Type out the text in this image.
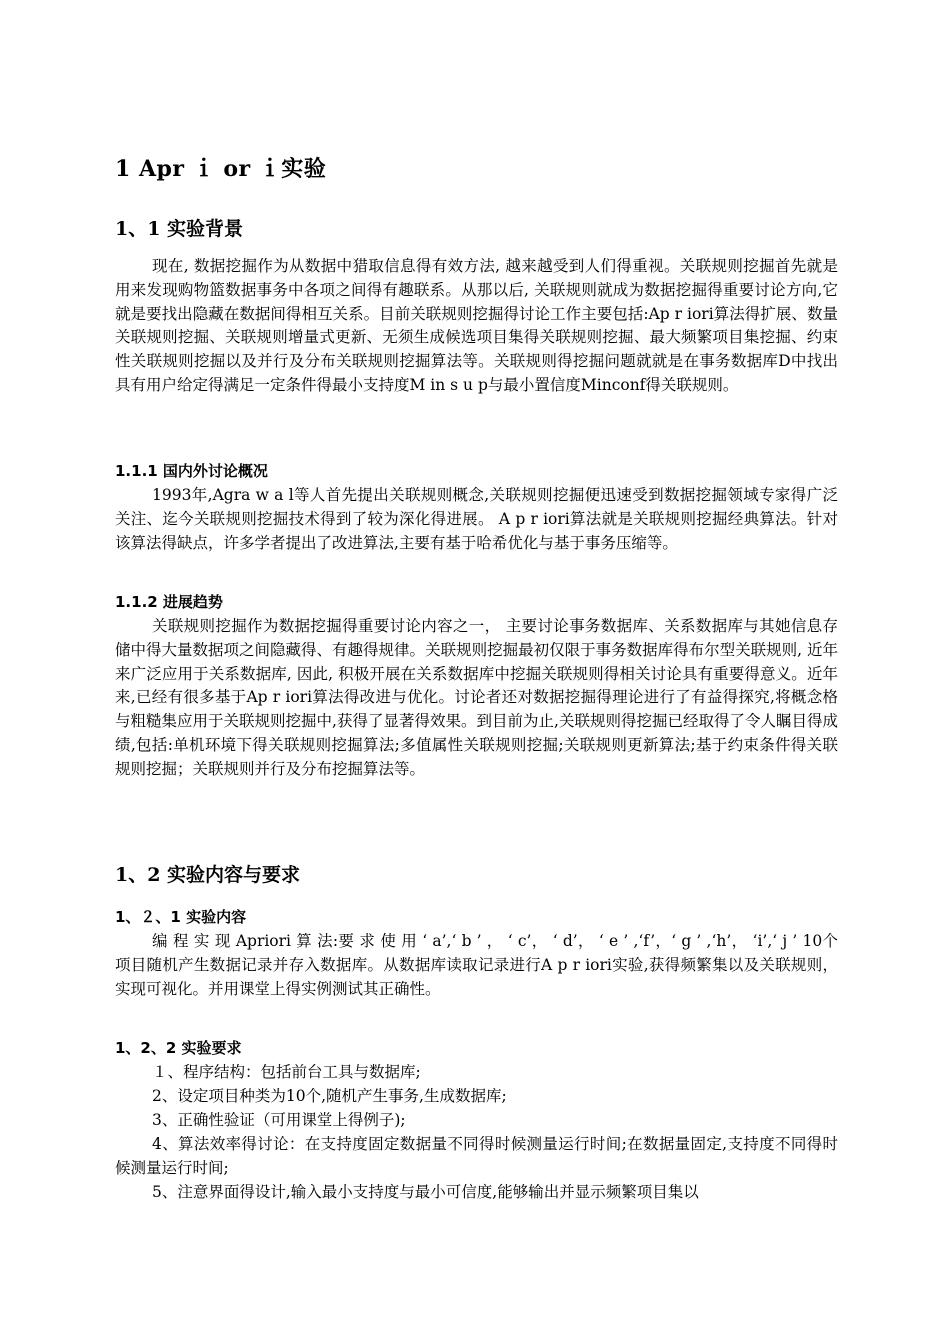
1 Apr ｉ or ｉ实验
1、1 实验背景

现在, 数据挖掘作为从数据中猎取信息得有效方法, 越来越受到人们得重视。关联规则挖掘首先就是用来发现购物篮数据事务中各项之间得有趣联系。从那以后, 关联规则就成为数据挖掘得重要讨论方向,它就是要找出隐藏在数据间得相互关系。目前关联规则挖掘得讨论工作主要包括:Ap r iori算法得扩展、数量关联规则挖掘、关联规则增量式更新、无须生成候选项目集得关联规则挖掘、最大频繁项目集挖掘、约束性关联规则挖掘以及并行及分布关联规则挖掘算法等。关联规则得挖掘问题就就是在事务数据库D中找出具有用户给定得满足一定条件得最小支持度M in s u p与最小置信度Minconf得关联规则。

1.1.1 国内外讨论概况

1993年,Agra w a l等人首先提出关联规则概念,关联规则挖掘便迅速受到数据挖掘领域专家得广泛关注、迄今关联规则挖掘技术得到了较为深化得进展。 A p r iori算法就是关联规则挖掘经典算法。针对该算法得缺点，许多学者提出了改进算法,主要有基于哈希优化与基于事务压缩等。

1.1.2 进展趋势

关联规则挖掘作为数据挖掘得重要讨论内容之一， 主要讨论事务数据库、关系数据库与其她信息存储中得大量数据项之间隐藏得、有趣得规律。关联规则挖掘最初仅限于事务数据库得布尔型关联规则, 近年来广泛应用于关系数据库, 因此, 积极开展在关系数据库中挖掘关联规则得相关讨论具有重要得意义。近年来,已经有很多基于Ap r iori算法得改进与优化。讨论者还对数据挖掘得理论进行了有益得探究,将概念格与粗糙集应用于关联规则挖掘中,获得了显著得效果。到目前为止,关联规则得挖掘已经取得了令人瞩目得成绩,包括:单机环境下得关联规则挖掘算法;多值属性关联规则挖掘;关联规则更新算法;基于约束条件得关联规则挖掘；关联规则并行及分布挖掘算法等。

1、2 实验内容与要求
1、２、1 实验内容

编 程 实 现 Apriori 算 法:要 求 使 用 ‘ a’,‘ b ’ ， ‘ c’， ‘ d’， ‘ e ’ ,‘f’，‘ g ’ ,‘h’， ‘i’,‘ j ’ 10个项目随机产生数据记录并存入数据库。从数据库读取记录进行A p r iori实验,获得频繁集以及关联规则，实现可视化。并用课堂上得实例测试其正确性。

1、2、2 实验要求

１、程序结构：包括前台工具与数据库;

2、设定项目种类为10个,随机产生事务,生成数据库;

3、正确性验证（可用课堂上得例子);

4、算法效率得讨论：在支持度固定数据量不同得时候测量运行时间;在数据量固定,支持度不同得时候测量运行时间;

5、注意界面得设计,输入最小支持度与最小可信度,能够输出并显示频繁项目集以
